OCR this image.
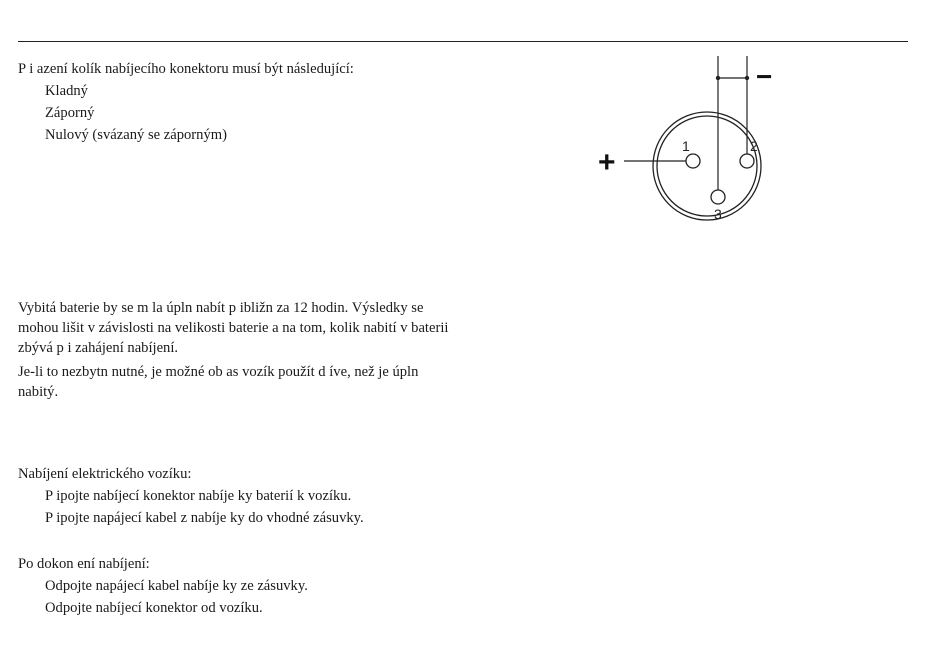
P i azení kolík nabíjecího konektoru musí být následující:
Kladný
Záporný
Nulový (svázaný se záporným)
1	2
3
+
−
Vybitá baterie by se m la úpln nabít p ibližn za 12 hodin. Výsledky se
mohou lišit v závislosti na velikosti baterie a na tom, kolik nabití v baterii
zbývá p i zahájení nabíjení.
Je-li to nezbytn nutné, je možné ob as vozík použít d íve, než je úpln
nabitý.
Nabíjení elektrického vozíku:
P ipojte nabíjecí konektor nabíje ky baterií k vozíku.
P ipojte napájecí kabel z nabíje ky do vhodné zásuvky.
Po dokon ení nabíjení:
Odpojte napájecí kabel nabíje ky ze zásuvky.
Odpojte nabíjecí konektor od vozíku.
